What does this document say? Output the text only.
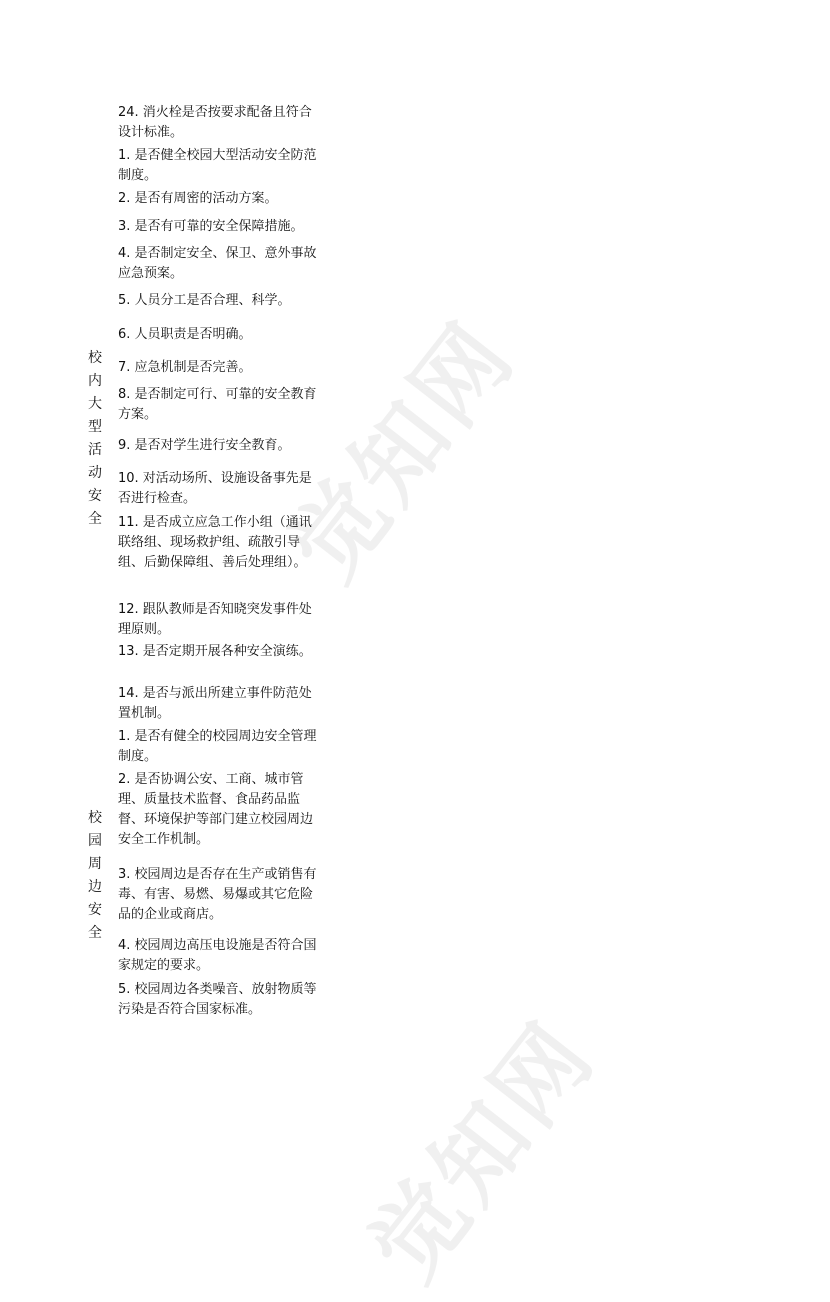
觉知网
觉知网
校内大型活动安全
校园周边安全
24. 消火栓是否按要求配备且符合设计标准。
1. 是否健全校园大型活动安全防范制度。
2. 是否有周密的活动方案。
3. 是否有可靠的安全保障措施。
4. 是否制定安全、保卫、意外事故应急预案。
5. 人员分工是否合理、科学。
6. 人员职责是否明确。
7. 应急机制是否完善。
8. 是否制定可行、可靠的安全教育方案。
9. 是否对学生进行安全教育。
10. 对活动场所、设施设备事先是否进行检查。
11. 是否成立应急工作小组（通讯联络组、现场救护组、疏散引导组、后勤保障组、善后处理组）。
12. 跟队教师是否知晓突发事件处理原则。
13. 是否定期开展各种安全演练。
14. 是否与派出所建立事件防范处置机制。
1. 是否有健全的校园周边安全管理制度。
2. 是否协调公安、工商、城市管理、质量技术监督、食品药品监督、环境保护等部门建立校园周边安全工作机制。
3. 校园周边是否存在生产或销售有毒、有害、易燃、易爆或其它危险品的企业或商店。
4. 校园周边高压电设施是否符合国家规定的要求。
5. 校园周边各类噪音、放射物质等污染是否符合国家标准。
